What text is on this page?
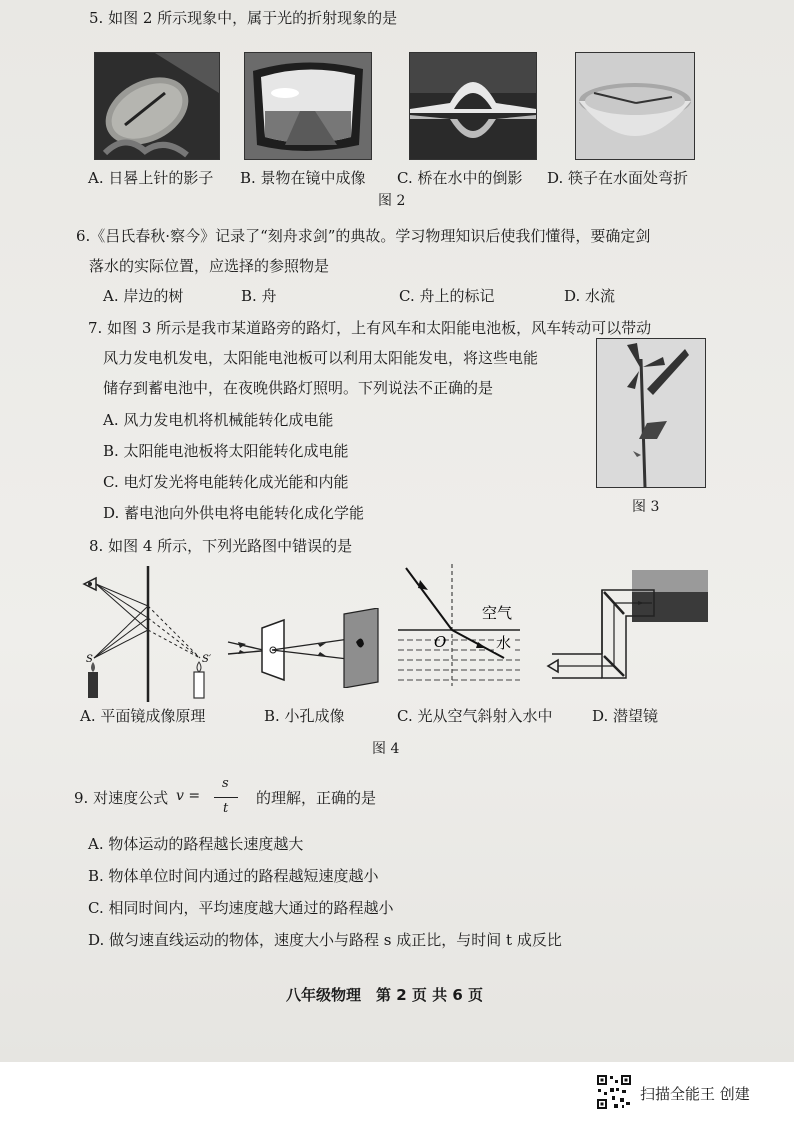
5. 如图 2 所示现象中，属于光的折射现象的是
A. 日晷上针的影子 B. 景物在镜中成像 C. 桥在水中的倒影 D. 筷子在水面处弯折
图 2
6.《吕氏春秋·察今》记录了“刻舟求剑”的典故。学习物理知识后使我们懂得，要确定剑
落水的实际位置，应选择的参照物是
A. 岸边的树	B. 舟	C. 舟上的标记	D. 水流
7. 如图 3 所示是我市某道路旁的路灯，上有风车和太阳能电池板，风车转动可以带动
风力发电机发电，太阳能电池板可以利用太阳能发电，将这些电能
储存到蓄电池中，在夜晚供路灯照明。下列说法不正确的是
A. 风力发电机将机械能转化成电能
B. 太阳能电池板将太阳能转化成电能
C. 电灯发光将电能转化成光能和内能
D. 蓄电池向外供电将电能转化成化学能	图 3
8. 如图 4 所示，下列光路图中错误的是
S	S′
空气
水
O
A. 平面镜成像原理	B. 小孔成像	C. 光从空气斜射入水中	D. 潜望镜
图 4
9. 对速度公式 v =
s
t
的理解，正确的是
A. 物体运动的路程越长速度越大
B. 物体单位时间内通过的路程越短速度越小
C. 相同时间内，平均速度越大通过的路程越小
D. 做匀速直线运动的物体，速度大小与路程 s 成正比，与时间 t 成反比
八年级物理　第 2 页 共 6 页
扫描全能王 创建
